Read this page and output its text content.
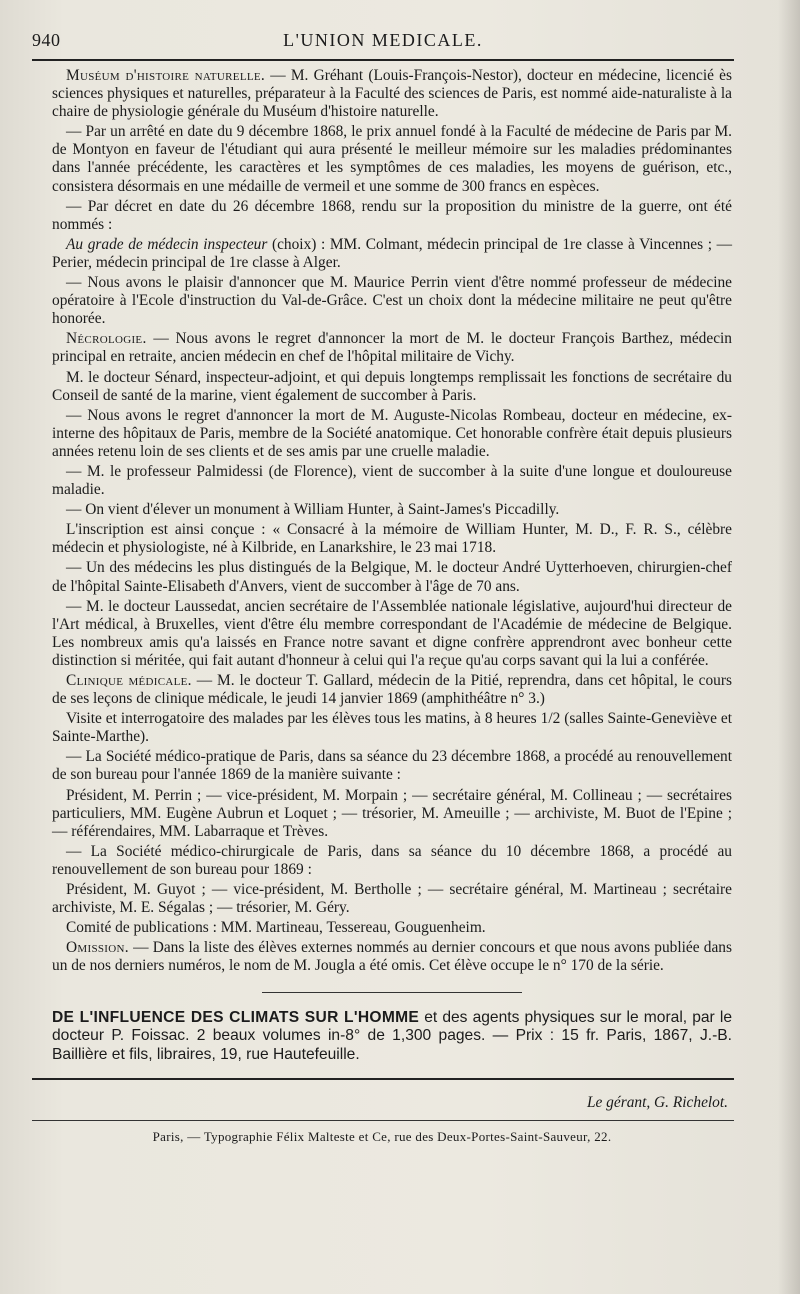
940	L'UNION MEDICALE.

Muséum d'histoire naturelle. — M. Gréhant (Louis-François-Nestor), docteur en médecine, licencié ès sciences physiques et naturelles, préparateur à la Faculté des sciences de Paris, est nommé aide-naturaliste à la chaire de physiologie générale du Muséum d'histoire naturelle.

— Par un arrêté en date du 9 décembre 1868, le prix annuel fondé à la Faculté de médecine de Paris par M. de Montyon en faveur de l'étudiant qui aura présenté le meilleur mémoire sur les maladies prédominantes dans l'année précédente, les caractères et les symptômes de ces maladies, les moyens de guérison, etc., consistera désormais en une médaille de vermeil et une somme de 300 francs en espèces.

— Par décret en date du 26 décembre 1868, rendu sur la proposition du ministre de la guerre, ont été nommés :

Au grade de médecin inspecteur (choix) : MM. Colmant, médecin principal de 1re classe à Vincennes ; — Perier, médecin principal de 1re classe à Alger.

— Nous avons le plaisir d'annoncer que M. Maurice Perrin vient d'être nommé professeur de médecine opératoire à l'Ecole d'instruction du Val-de-Grâce. C'est un choix dont la médecine militaire ne peut qu'être honorée.

Nécrologie. — Nous avons le regret d'annoncer la mort de M. le docteur François Barthez, médecin principal en retraite, ancien médecin en chef de l'hôpital militaire de Vichy.

M. le docteur Sénard, inspecteur-adjoint, et qui depuis longtemps remplissait les fonctions de secrétaire du Conseil de santé de la marine, vient également de succomber à Paris.

— Nous avons le regret d'annoncer la mort de M. Auguste-Nicolas Rombeau, docteur en médecine, ex-interne des hôpitaux de Paris, membre de la Société anatomique. Cet honorable confrère était depuis plusieurs années retenu loin de ses clients et de ses amis par une cruelle maladie.

— M. le professeur Palmidessi (de Florence), vient de succomber à la suite d'une longue et douloureuse maladie.

— On vient d'élever un monument à William Hunter, à Saint-James's Piccadilly.

L'inscription est ainsi conçue : « Consacré à la mémoire de William Hunter, M. D., F. R. S., célèbre médecin et physiologiste, né à Kilbride, en Lanarkshire, le 23 mai 1718.

— Un des médecins les plus distingués de la Belgique, M. le docteur André Uytterhoeven, chirurgien-chef de l'hôpital Sainte-Elisabeth d'Anvers, vient de succomber à l'âge de 70 ans.

— M. le docteur Laussedat, ancien secrétaire de l'Assemblée nationale législative, aujourd'hui directeur de l'Art médical, à Bruxelles, vient d'être élu membre correspondant de l'Académie de médecine de Belgique. Les nombreux amis qu'a laissés en France notre savant et digne confrère apprendront avec bonheur cette distinction si méritée, qui fait autant d'honneur à celui qui l'a reçue qu'au corps savant qui la lui a conférée.

Clinique médicale. — M. le docteur T. Gallard, médecin de la Pitié, reprendra, dans cet hôpital, le cours de ses leçons de clinique médicale, le jeudi 14 janvier 1869 (amphithéâtre n° 3.)

Visite et interrogatoire des malades par les élèves tous les matins, à 8 heures 1/2 (salles Sainte-Geneviève et Sainte-Marthe).

— La Société médico-pratique de Paris, dans sa séance du 23 décembre 1868, a procédé au renouvellement de son bureau pour l'année 1869 de la manière suivante :

Président, M. Perrin ; — vice-président, M. Morpain ; — secrétaire général, M. Collineau ; — secrétaires particuliers, MM. Eugène Aubrun et Loquet ; — trésorier, M. Ameuille ; — archiviste, M. Buot de l'Epine ; — référendaires, MM. Labarraque et Trèves.

— La Société médico-chirurgicale de Paris, dans sa séance du 10 décembre 1868, a procédé au renouvellement de son bureau pour 1869 :

Président, M. Guyot ; — vice-président, M. Bertholle ; — secrétaire général, M. Martineau ; secrétaire archiviste, M. E. Ségalas ; — trésorier, M. Géry.

Comité de publications : MM. Martineau, Tessereau, Gouguenheim.

Omission. — Dans la liste des élèves externes nommés au dernier concours et que nous avons publiée dans un de nos derniers numéros, le nom de M. Jougla a été omis. Cet élève occupe le n° 170 de la série.

DE L'INFLUENCE DES CLIMATS SUR L'HOMME et des agents physiques sur le moral, par le docteur P. Foissac. 2 beaux volumes in-8° de 1,300 pages. — Prix : 15 fr. Paris, 1867, J.-B. Baillière et fils, libraires, 19, rue Hautefeuille.
Le gérant, G. Richelot.
Paris, — Typographie Félix Malteste et Ce, rue des Deux-Portes-Saint-Sauveur, 22.
